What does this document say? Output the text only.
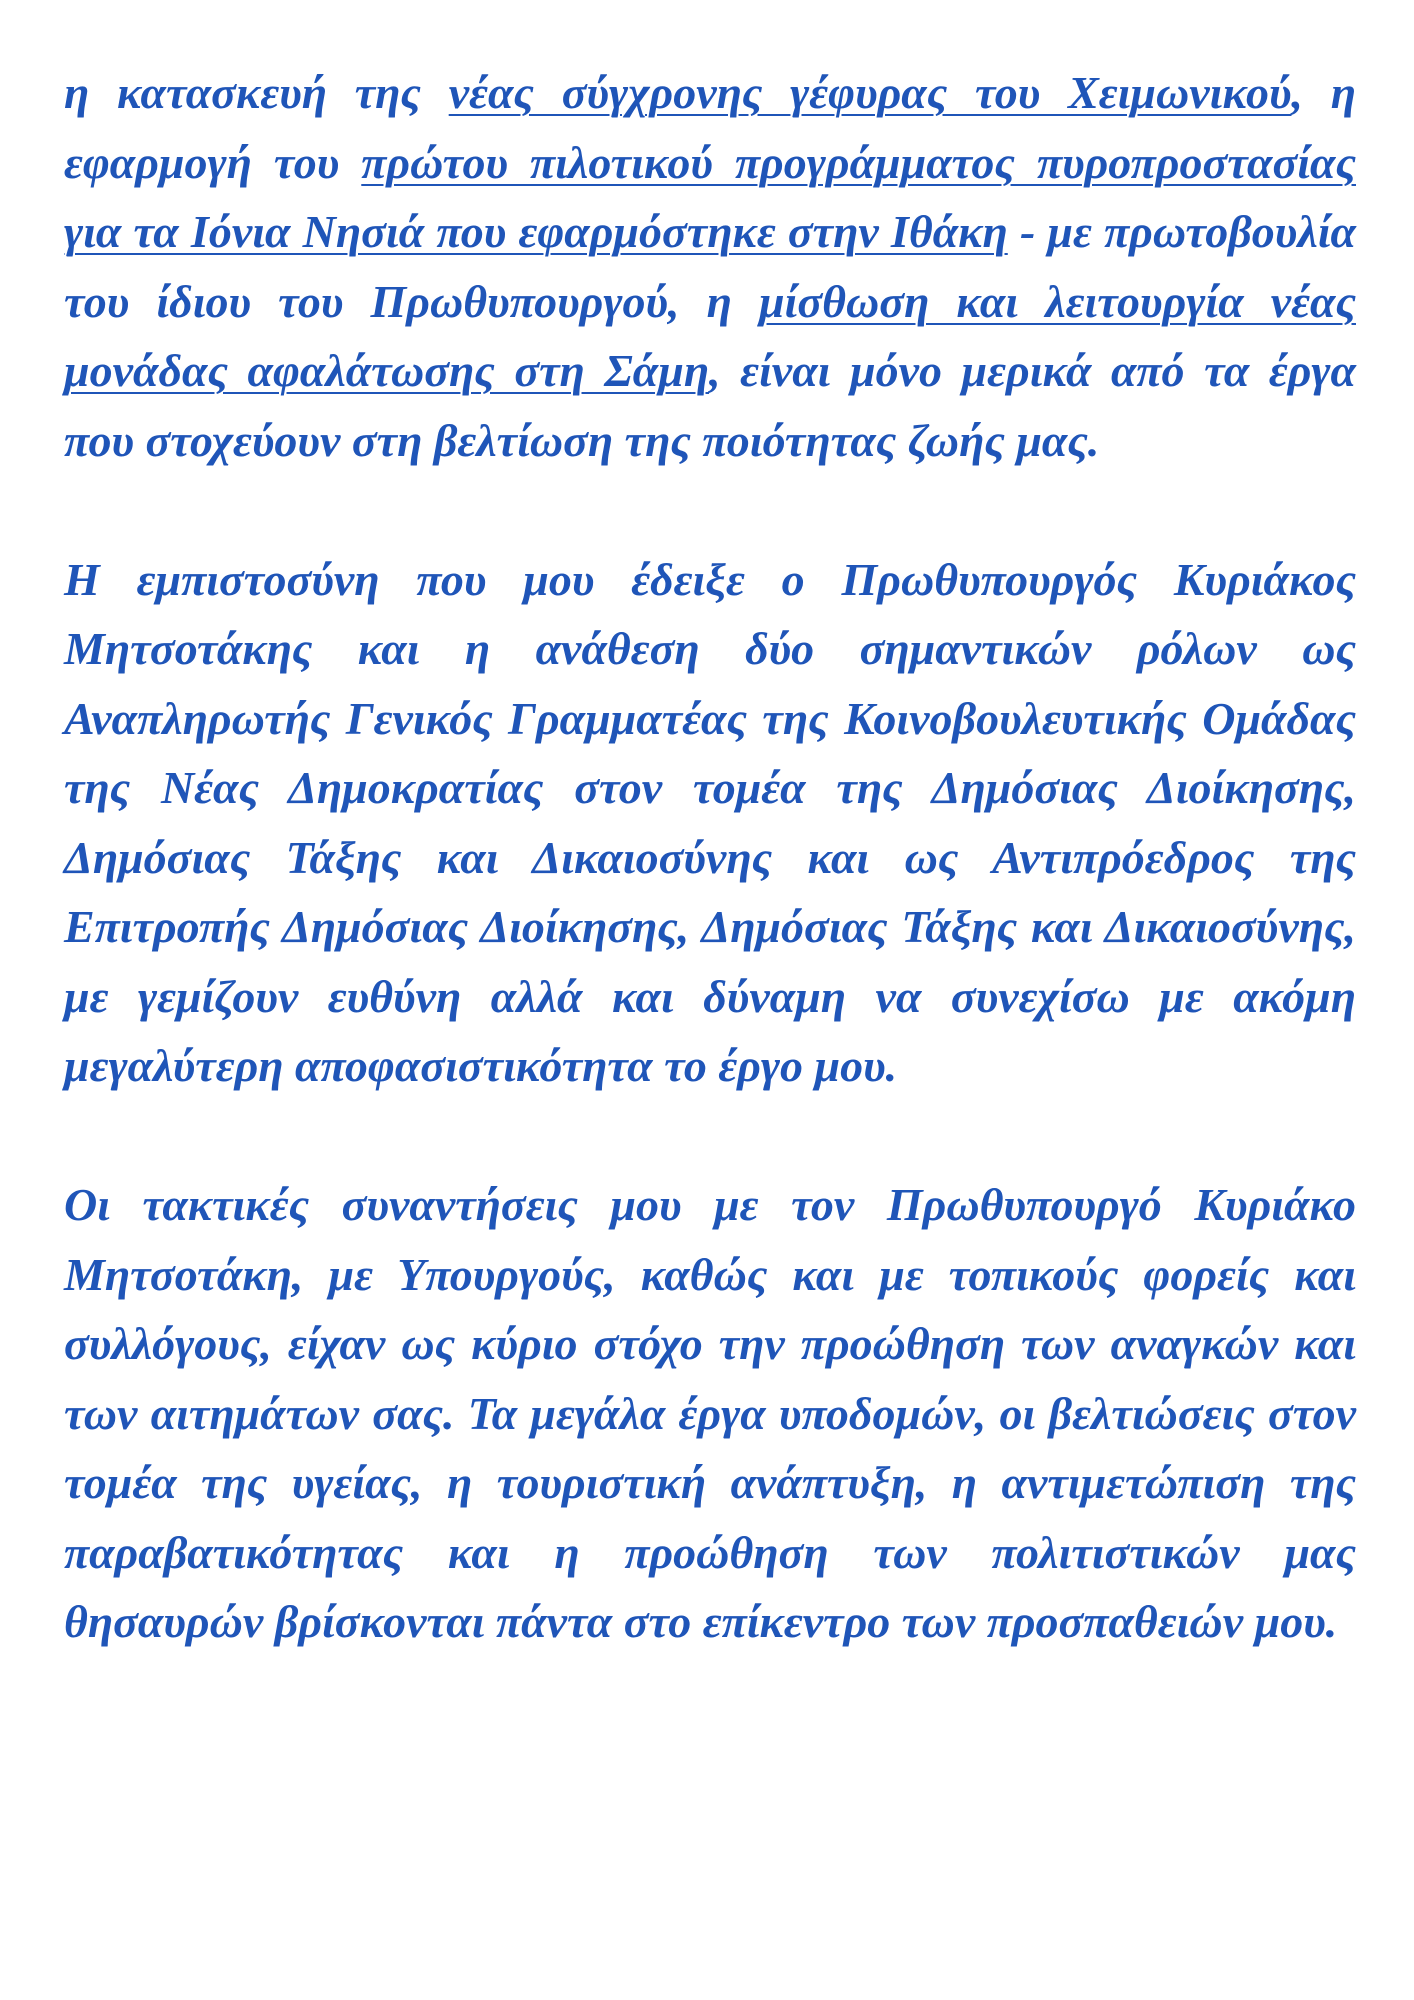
η κατασκευή της νέας σύγχρονης γέφυρας του Χειμωνικού, η εφαρμογή του πρώτου πιλοτικού προγράμματος πυροπροστασίας για τα Ιόνια Νησιά που εφαρμόστηκε στην Ιθάκη - με πρωτοβουλία του ίδιου του Πρωθυπουργού, η μίσθωση και λειτουργία νέας μονάδας αφαλάτωσης στη Σάμη, είναι μόνο μερικά από τα έργα που στοχεύουν στη βελτίωση της ποιότητας ζωής μας.

Η εμπιστοσύνη που μου έδειξε ο Πρωθυπουργός Κυριάκος Μητσοτάκης και η ανάθεση δύο σημαντικών ρόλων ως Αναπληρωτής Γενικός Γραμματέας της Κοινοβουλευτικής Ομάδας της Νέας Δημοκρατίας στον τομέα της Δημόσιας Διοίκησης, Δημόσιας Τάξης και Δικαιοσύνης και ως Αντιπρόεδρος της Επιτροπής Δημόσιας Διοίκησης, Δημόσιας Τάξης και Δικαιοσύνης, με γεμίζουν ευθύνη αλλά και δύναμη να συνεχίσω με ακόμη μεγαλύτερη αποφασιστικότητα το έργο μου.

Οι τακτικές συναντήσεις μου με τον Πρωθυπουργό Κυριάκο Μητσοτάκη, με Υπουργούς, καθώς και με τοπικούς φορείς και συλλόγους, είχαν ως κύριο στόχο την προώθηση των αναγκών και των αιτημάτων σας. Τα μεγάλα έργα υποδομών, οι βελτιώσεις στον τομέα της υγείας, η τουριστική ανάπτυξη, η αντιμετώπιση της παραβατικότητας και η προώθηση των πολιτιστικών μας θησαυρών βρίσκονται πάντα στο επίκεντρο των προσπαθειών μου.
